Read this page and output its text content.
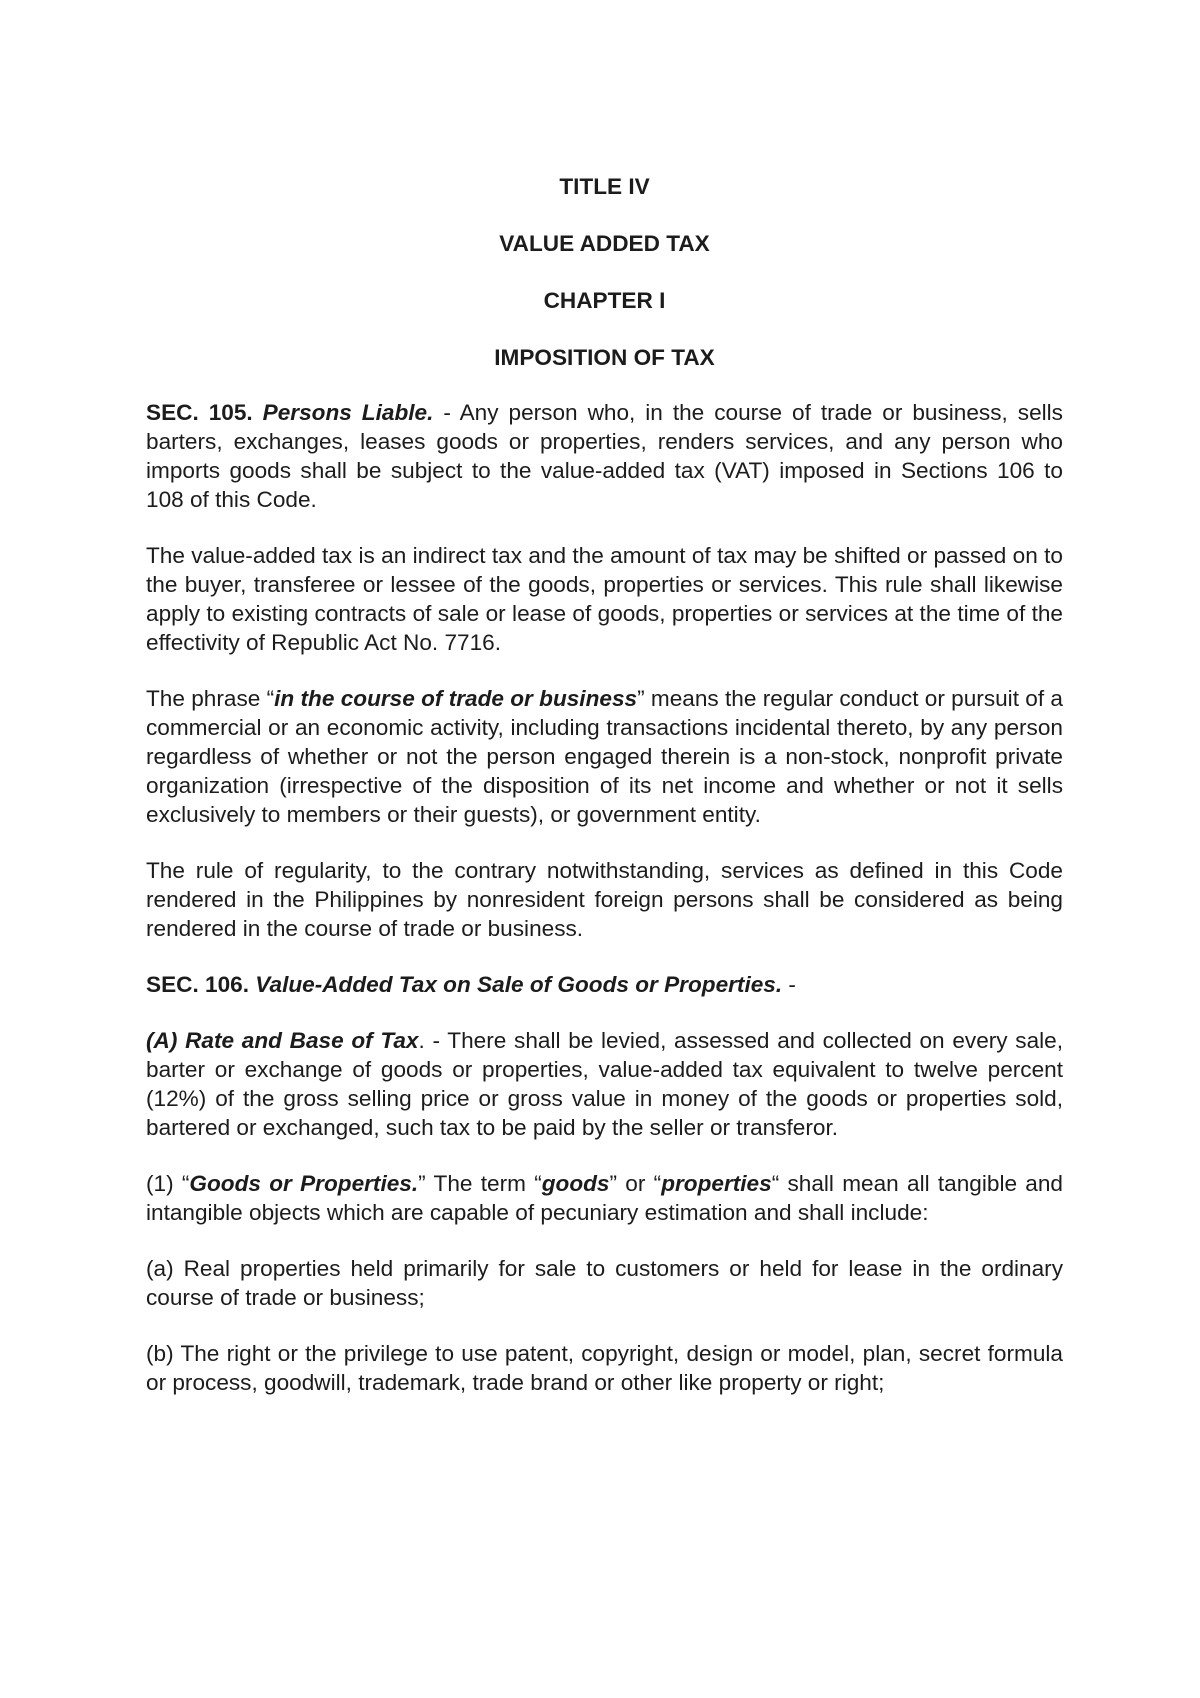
TITLE IV
VALUE ADDED TAX
CHAPTER I
IMPOSITION OF TAX

SEC. 105. Persons Liable. - Any person who, in the course of trade or business, sells barters, exchanges, leases goods or properties, renders services, and any person who imports goods shall be subject to the value-added tax (VAT) imposed in Sections 106 to 108 of this Code.

The value-added tax is an indirect tax and the amount of tax may be shifted or passed on to the buyer, transferee or lessee of the goods, properties or services. This rule shall likewise apply to existing contracts of sale or lease of goods, properties or services at the time of the effectivity of Republic Act No. 7716.

The phrase “in the course of trade or business” means the regular conduct or pursuit of a commercial or an economic activity, including transactions incidental thereto, by any person regardless of whether or not the person engaged therein is a non-stock, nonprofit private organization (irrespective of the disposition of its net income and whether or not it sells exclusively to members or their guests), or government entity.

The rule of regularity, to the contrary notwithstanding, services as defined in this Code rendered in the Philippines by nonresident foreign persons shall be considered as being rendered in the course of trade or business.

SEC. 106. Value-Added Tax on Sale of Goods or Properties. -

(A) Rate and Base of Tax. - There shall be levied, assessed and collected on every sale, barter or exchange of goods or properties, value-added tax equivalent to twelve percent (12%) of the gross selling price or gross value in money of the goods or properties sold, bartered or exchanged, such tax to be paid by the seller or transferor.

(1) “Goods or Properties.” The term “goods” or “properties“ shall mean all tangible and intangible objects which are capable of pecuniary estimation and shall include:

(a) Real properties held primarily for sale to customers or held for lease in the ordinary course of trade or business;

(b) The right or the privilege to use patent, copyright, design or model, plan, secret formula or process, goodwill, trademark, trade brand or other like property or right;
